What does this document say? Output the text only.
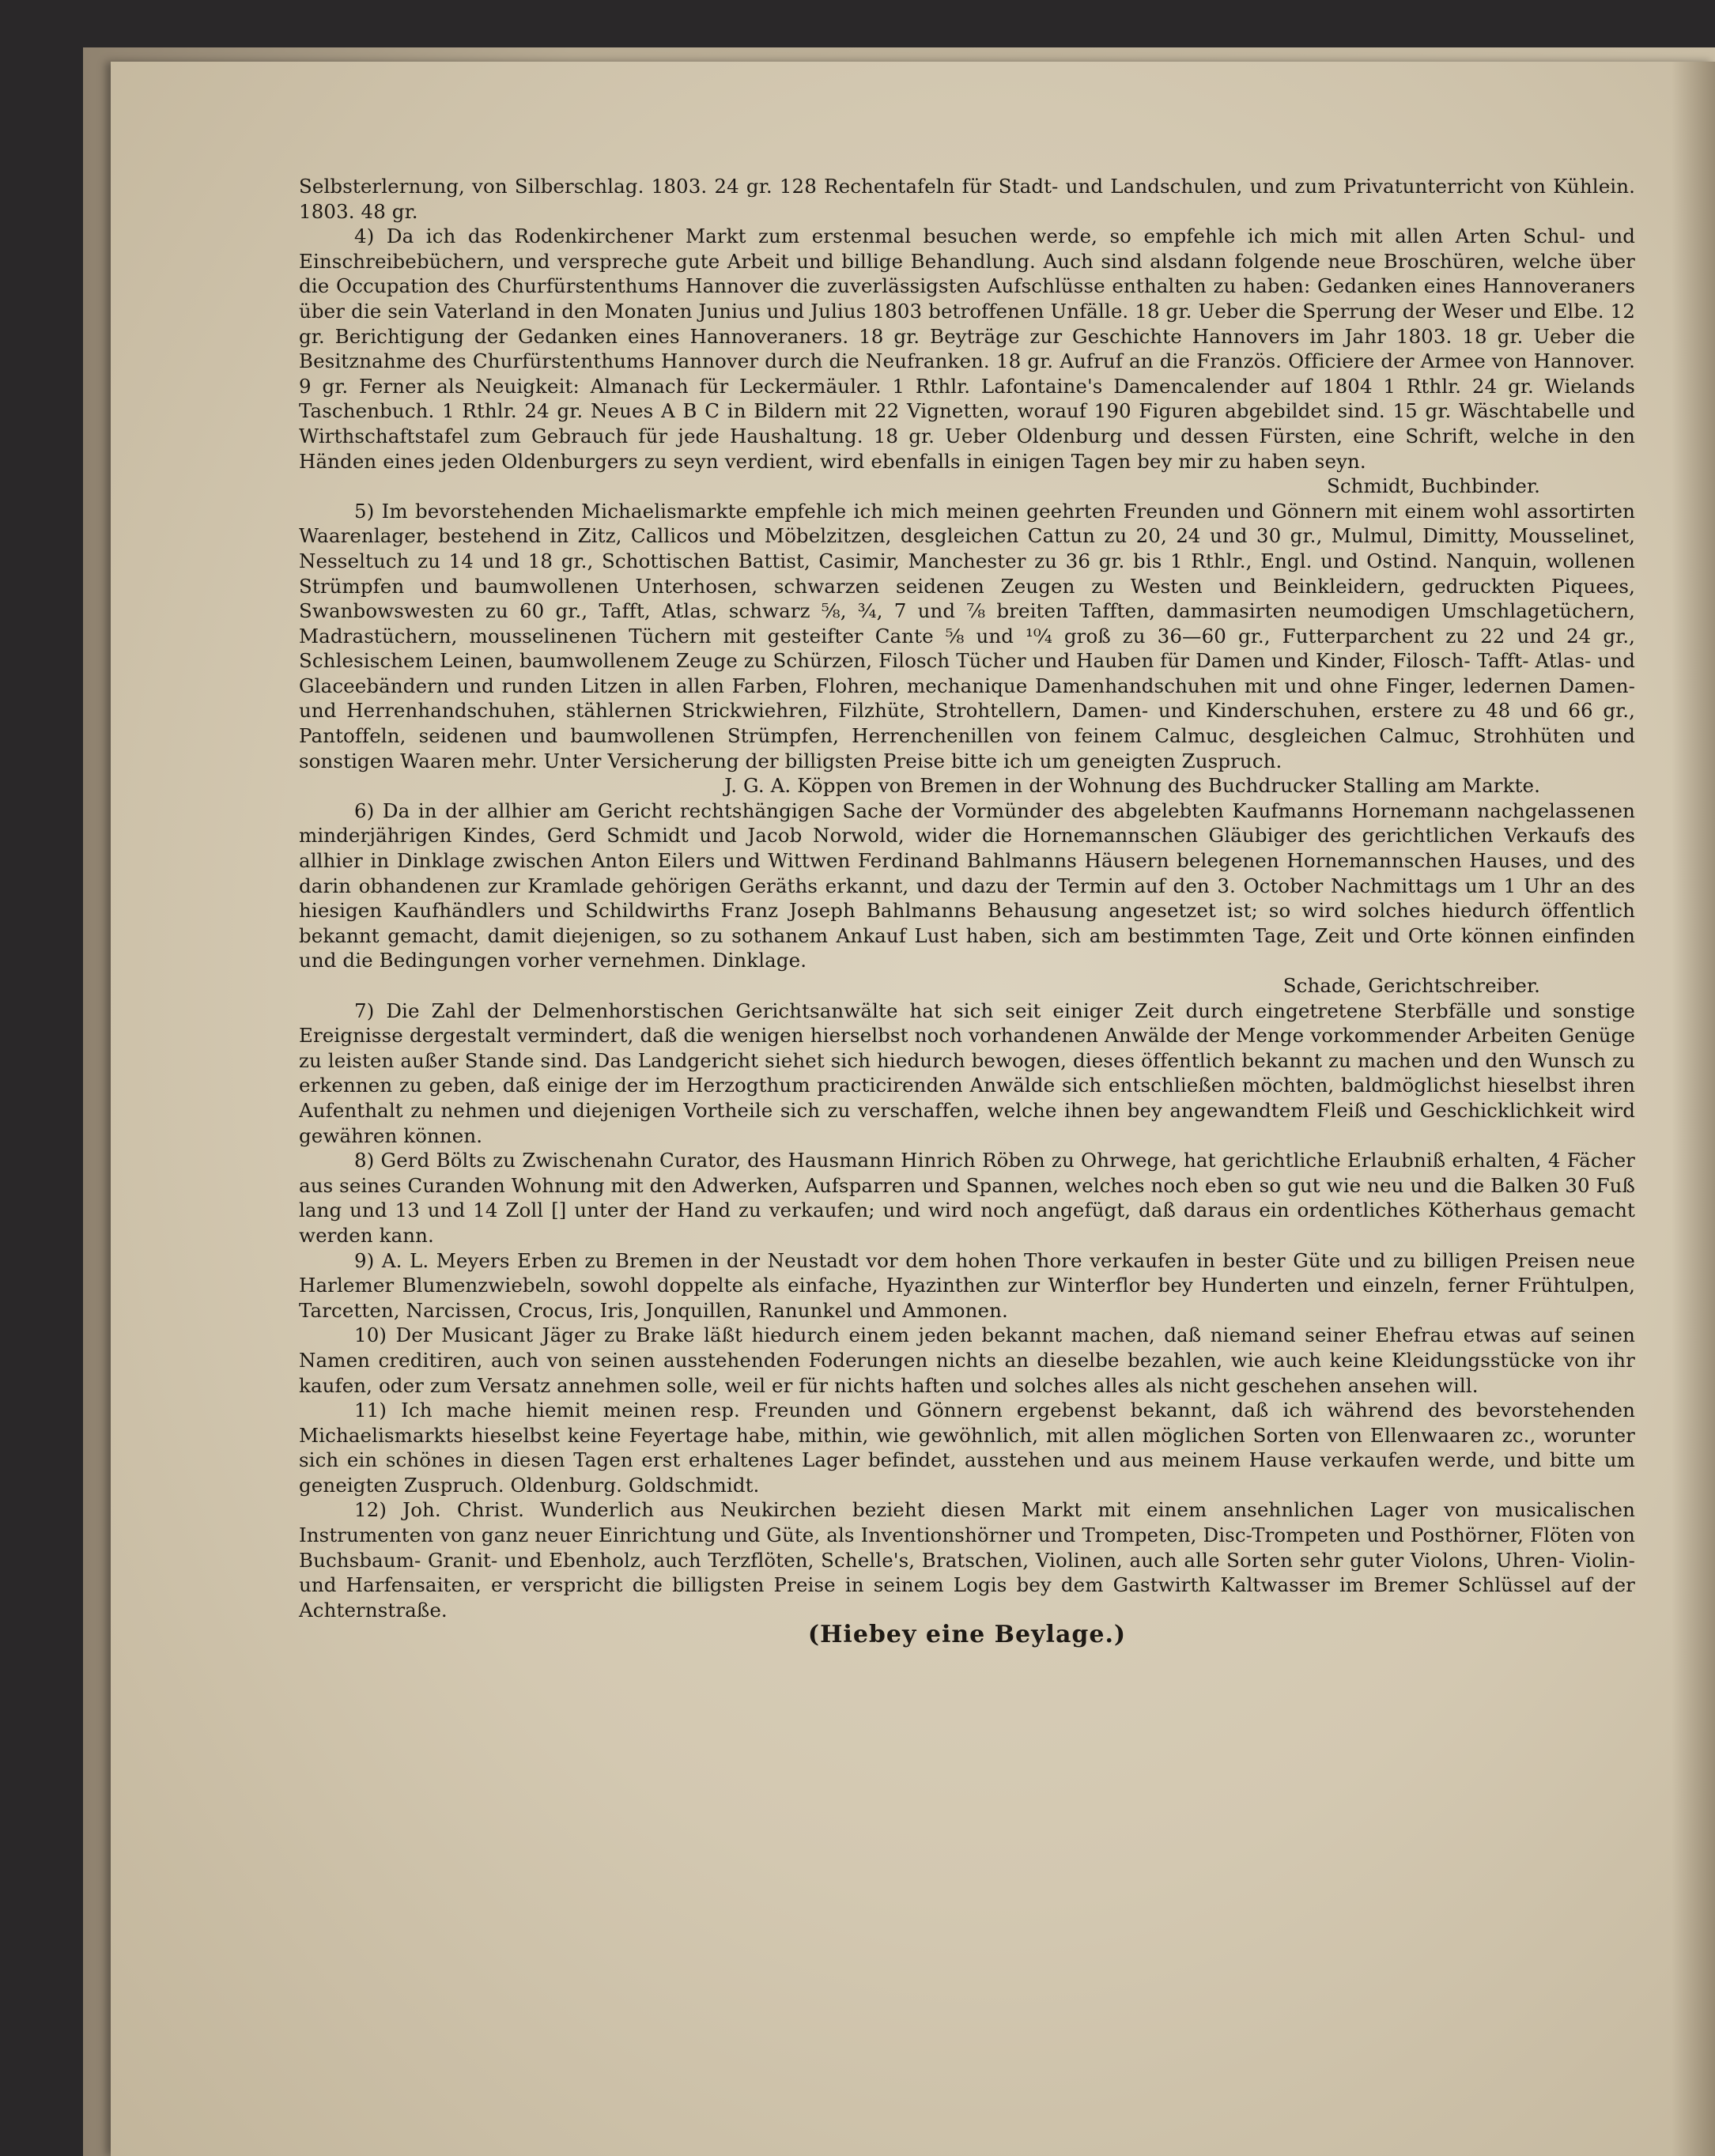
Selbsterlernung, von Silberschlag. 1803. 24 gr. 128 Rechentafeln für Stadt- und Landschulen, und zum Privatunterricht von Kühlein. 1803. 48 gr.

4) Da ich das Rodenkirchener Markt zum erstenmal besuchen werde, so empfehle ich mich mit allen Arten Schul- und Einschreibebüchern, und verspreche gute Arbeit und billige Behandlung. Auch sind alsdann folgende neue Broschüren, welche über die Occupation des Churfürstenthums Hannover die zuverlässigsten Aufschlüsse enthalten zu haben: Gedanken eines Hannoveraners über die sein Vaterland in den Monaten Junius und Julius 1803 betroffenen Unfälle. 18 gr. Ueber die Sperrung der Weser und Elbe. 12 gr. Berichtigung der Gedanken eines Hannoveraners. 18 gr. Beyträge zur Geschichte Hannovers im Jahr 1803. 18 gr. Ueber die Besitznahme des Churfürstenthums Hannover durch die Neufranken. 18 gr. Aufruf an die Französ. Officiere der Armee von Hannover. 9 gr. Ferner als Neuigkeit: Almanach für Leckermäuler. 1 Rthlr. Lafontaine's Damencalender auf 1804 1 Rthlr. 24 gr. Wielands Taschenbuch. 1 Rthlr. 24 gr. Neues A B C in Bildern mit 22 Vignetten, worauf 190 Figuren abgebildet sind. 15 gr. Wäschtabelle und Wirthschaftstafel zum Gebrauch für jede Haushaltung. 18 gr. Ueber Oldenburg und dessen Fürsten, eine Schrift, welche in den Händen eines jeden Oldenburgers zu seyn verdient, wird ebenfalls in einigen Tagen bey mir zu haben seyn.

Schmidt, Buchbinder.

5) Im bevorstehenden Michaelismarkte empfehle ich mich meinen geehrten Freunden und Gönnern mit einem wohl assortirten Waarenlager, bestehend in Zitz, Callicos und Möbelzitzen, desgleichen Cattun zu 20, 24 und 30 gr., Mulmul, Dimitty, Mousselinet, Nesseltuch zu 14 und 18 gr., Schottischen Battist, Casimir, Manchester zu 36 gr. bis 1 Rthlr., Engl. und Ostind. Nanquin, wollenen Strümpfen und baumwollenen Unterhosen, schwarzen seidenen Zeugen zu Westen und Beinkleidern, gedruckten Piquees, Swanbowswesten zu 60 gr., Tafft, Atlas, schwarz ⅝, ¾, 7 und ⅞ breiten Tafften, dammasirten neumodigen Umschlagetüchern, Madrastüchern, mousselinenen Tüchern mit gesteifter Cante ⅝ und ¹⁰⁄₄ groß zu 36—60 gr., Futterparchent zu 22 und 24 gr., Schlesischem Leinen, baumwollenem Zeuge zu Schürzen, Filosch Tücher und Hauben für Damen und Kinder, Filosch- Tafft- Atlas- und Glaceebändern und runden Litzen in allen Farben, Flohren, mechanique Damenhandschuhen mit und ohne Finger, ledernen Damen- und Herrenhandschuhen, stählernen Strickwiehren, Filzhüte, Strohtellern, Damen- und Kinderschuhen, erstere zu 48 und 66 gr., Pantoffeln, seidenen und baumwollenen Strümpfen, Herrenchenillen von feinem Calmuc, desgleichen Calmuc, Strohhüten und sonstigen Waaren mehr. Unter Versicherung der billigsten Preise bitte ich um geneigten Zuspruch.

J. G. A. Köppen von Bremen in der Wohnung des Buchdrucker Stalling am Markte.

6) Da in der allhier am Gericht rechtshängigen Sache der Vormünder des abgelebten Kaufmanns Hornemann nachgelassenen minderjährigen Kindes, Gerd Schmidt und Jacob Norwold, wider die Hornemannschen Gläubiger des gerichtlichen Verkaufs des allhier in Dinklage zwischen Anton Eilers und Wittwen Ferdinand Bahlmanns Häusern belegenen Hornemannschen Hauses, und des darin obhandenen zur Kramlade gehörigen Geräths erkannt, und dazu der Termin auf den 3. October Nachmittags um 1 Uhr an des hiesigen Kaufhändlers und Schildwirths Franz Joseph Bahlmanns Behausung angesetzet ist; so wird solches hiedurch öffentlich bekannt gemacht, damit diejenigen, so zu sothanem Ankauf Lust haben, sich am bestimmten Tage, Zeit und Orte können einfinden und die Bedingungen vorher vernehmen. Dinklage.

Schade, Gerichtschreiber.

7) Die Zahl der Delmenhorstischen Gerichtsanwälte hat sich seit einiger Zeit durch eingetretene Sterbfälle und sonstige Ereignisse dergestalt vermindert, daß die wenigen hierselbst noch vorhandenen Anwälde der Menge vorkommender Arbeiten Genüge zu leisten außer Stande sind. Das Landgericht siehet sich hiedurch bewogen, dieses öffentlich bekannt zu machen und den Wunsch zu erkennen zu geben, daß einige der im Herzogthum practicirenden Anwälde sich entschließen möchten, baldmöglichst hieselbst ihren Aufenthalt zu nehmen und diejenigen Vortheile sich zu verschaffen, welche ihnen bey angewandtem Fleiß und Geschicklichkeit wird gewähren können.

8) Gerd Bölts zu Zwischenahn Curator, des Hausmann Hinrich Röben zu Ohrwege, hat gerichtliche Erlaubniß erhalten, 4 Fächer aus seines Curanden Wohnung mit den Adwerken, Aufsparren und Spannen, welches noch eben so gut wie neu und die Balken 30 Fuß lang und 13 und 14 Zoll [] unter der Hand zu verkaufen; und wird noch angefügt, daß daraus ein ordentliches Kötherhaus gemacht werden kann.

9) A. L. Meyers Erben zu Bremen in der Neustadt vor dem hohen Thore verkaufen in bester Güte und zu billigen Preisen neue Harlemer Blumenzwiebeln, sowohl doppelte als einfache, Hyazinthen zur Winterflor bey Hunderten und einzeln, ferner Frühtulpen, Tarcetten, Narcissen, Crocus, Iris, Jonquillen, Ranunkel und Ammonen.

10) Der Musicant Jäger zu Brake läßt hiedurch einem jeden bekannt machen, daß niemand seiner Ehefrau etwas auf seinen Namen creditiren, auch von seinen ausstehenden Foderungen nichts an dieselbe bezahlen, wie auch keine Kleidungsstücke von ihr kaufen, oder zum Versatz annehmen solle, weil er für nichts haften und solches alles als nicht geschehen ansehen will.

11) Ich mache hiemit meinen resp. Freunden und Gönnern ergebenst bekannt, daß ich während des bevorstehenden Michaelismarkts hieselbst keine Feyertage habe, mithin, wie gewöhnlich, mit allen möglichen Sorten von Ellenwaaren zc., worunter sich ein schönes in diesen Tagen erst erhaltenes Lager befindet, ausstehen und aus meinem Hause verkaufen werde, und bitte um geneigten Zuspruch. Oldenburg. Goldschmidt.

12) Joh. Christ. Wunderlich aus Neukirchen bezieht diesen Markt mit einem ansehnlichen Lager von musicalischen Instrumenten von ganz neuer Einrichtung und Güte, als Inventionshörner und Trompeten, Disc-Trompeten und Posthörner, Flöten von Buchsbaum- Granit- und Ebenholz, auch Terzflöten, Schelle's, Bratschen, Violinen, auch alle Sorten sehr guter Violons, Uhren- Violin- und Harfensaiten, er verspricht die billigsten Preise in seinem Logis bey dem Gastwirth Kaltwasser im Bremer Schlüssel auf der Achternstraße.

(Hiebey eine Beylage.)
